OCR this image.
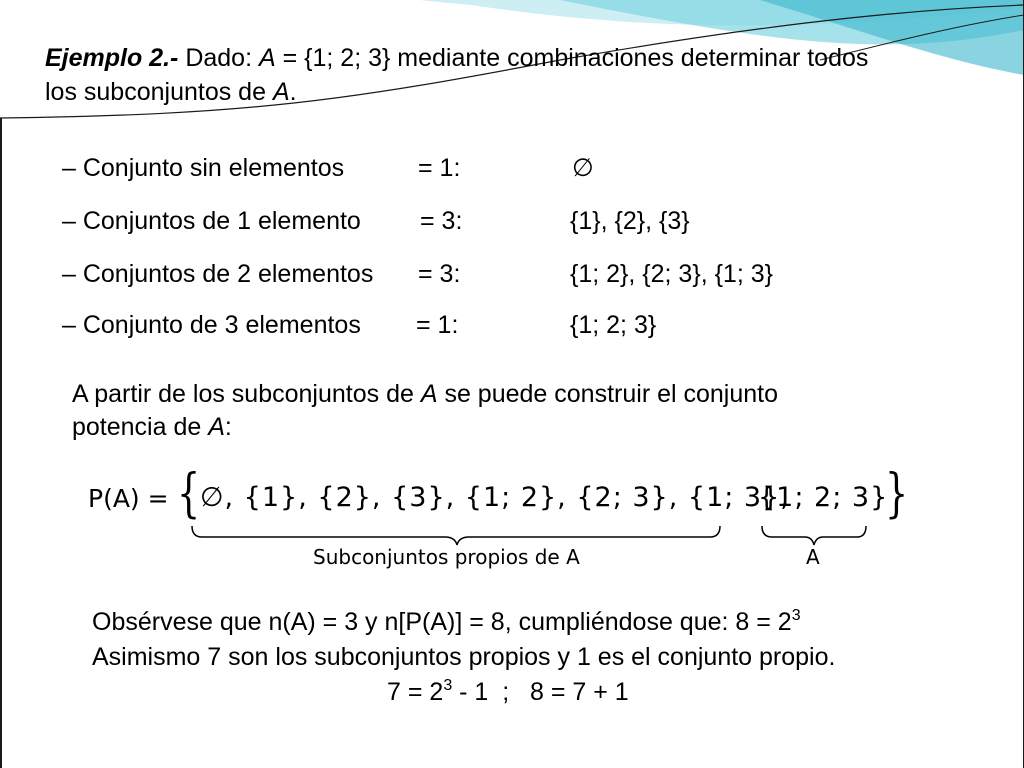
Ejemplo 2.- Dado: A = {1; 2; 3} mediante combinaciones determinar todos
los subconjuntos de A.
– Conjunto sin elementos	= 1:	∅
– Conjuntos de 1 elemento = 3:	{1}, {2}, {3}
– Conjuntos de 2 elementos = 3:	{1; 2}, {2; 3}, {1; 3}
– Conjunto de 3 elementos = 1:	{1; 2; 3}
A partir de los subconjuntos de A se puede construir el conjunto
potencia de A:
P(A) = { ∅, {1}, {2}, {3}, {1; 2}, {2; 3}, {1; 3},
{1; 2; 3}
}
Subconjuntos propios de A	A
Obsérvese que n(A) = 3 y n[P(A)] = 8, cumpliéndose que: $8 = 2^3$
Asimismo 7 son los subconjuntos propios y 1 es el conjunto propio.
$7 = 2^3 - 1$  ;   8 = 7 + 1
